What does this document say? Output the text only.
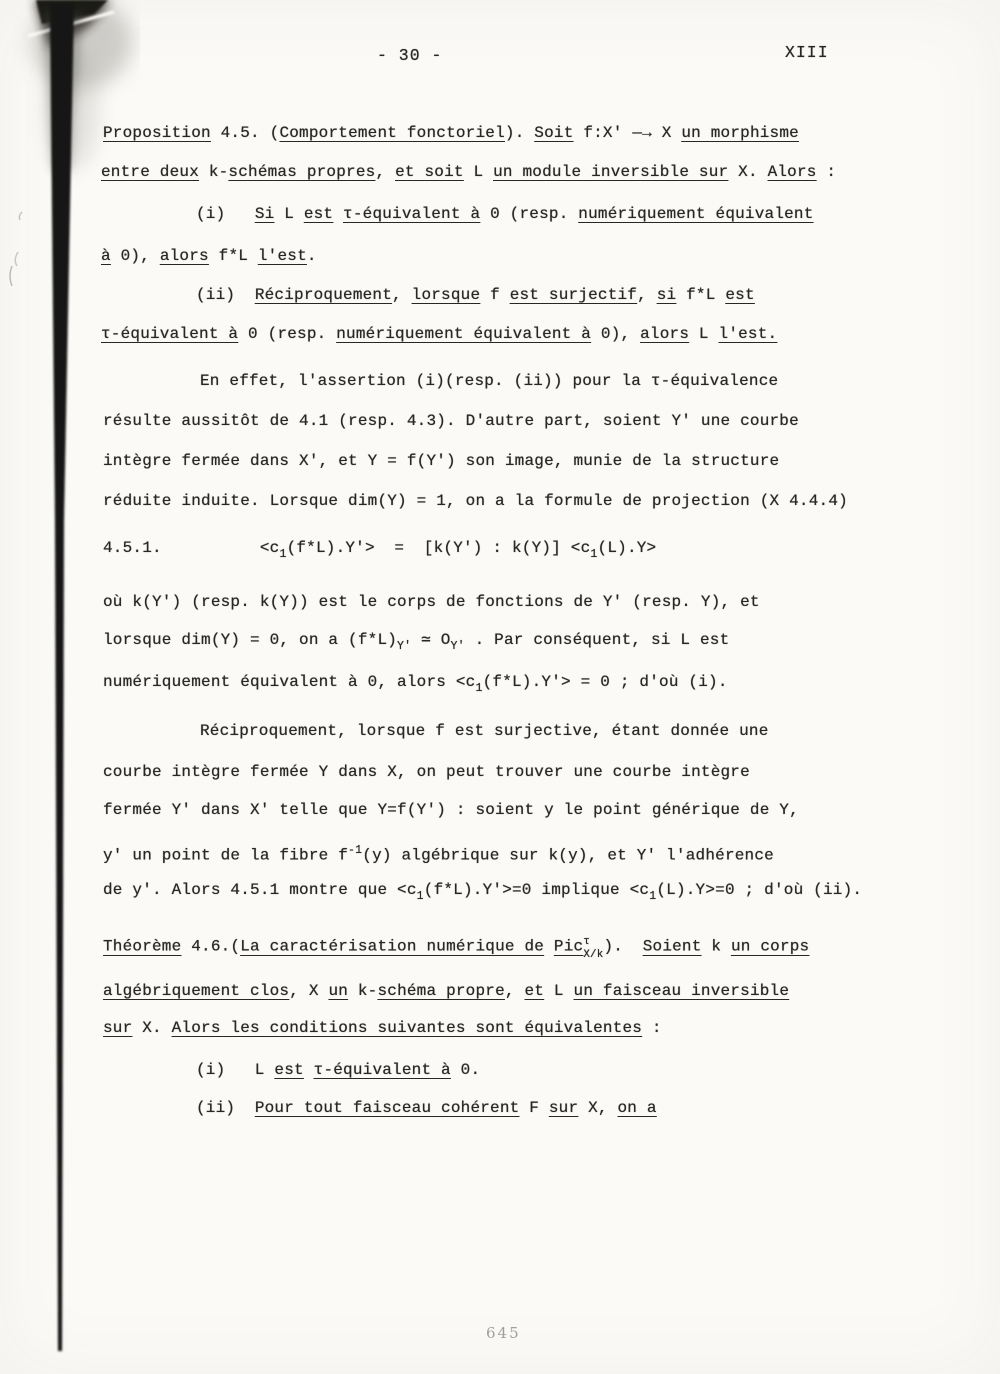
- 30 -	XIII
Proposition 4.5. (Comportement fonctoriel). Soit f:X' —→ X un morphisme
entre deux k-schémas propres, et soit L un module inversible sur X. Alors :
(i)   Si L est τ-équivalent à 0 (resp. numériquement équivalent
à 0), alors f*L l'est.
(ii)  Réciproquement, lorsque f est surjectif, si f*L est
τ-équivalent à 0 (resp. numériquement équivalent à 0), alors L l'est.
En effet, l'assertion (i)(resp. (ii)) pour la τ-équivalence
résulte aussitôt de 4.1 (resp. 4.3). D'autre part, soient Y' une courbe
intègre fermée dans X', et Y = f(Y') son image, munie de la structure
réduite induite. Lorsque dim(Y) = 1, on a la formule de projection (X 4.4.4)
4.5.1.	$<c_1(f*L).Y'> = [k(Y')$ : $k(Y)] <c_1(L).Y>$
où k(Y') (resp. k(Y)) est le corps de fonctions de Y' (resp. Y), et
lorsque dim(Y) = 0, on a $(f*L)_{Y'}$ ≃ $O_{Y'}$ . Par conséquent, si L est
numériquement équivalent à 0, alors $<c_1(f*L).Y'> = 0$ ; d'où (i).
Réciproquement, lorsque f est surjective, étant donnée une
courbe intègre fermée Y dans X, on peut trouver une courbe intègre
fermée Y' dans X' telle que Y=f(Y') : soient y le point générique de Y,
y' un point de la fibre $f^{-1}(y)$ algébrique sur k(y), et Y' l'adhérence
de y'. Alors 4.5.1 montre que $<c_1(f*L).Y'>=0$ implique $<c_1(L).Y>=0$ ; d'où (ii).
Théorème 4.6.(La caractérisation numérique de Pic τ
X/k ).  Soient k un corps
algébriquement clos, X un k-schéma propre, et L un faisceau inversible
sur X. Alors les conditions suivantes sont équivalentes :
(i)   L est τ-équivalent à 0.
(ii)  Pour tout faisceau cohérent F sur X, on a
645
